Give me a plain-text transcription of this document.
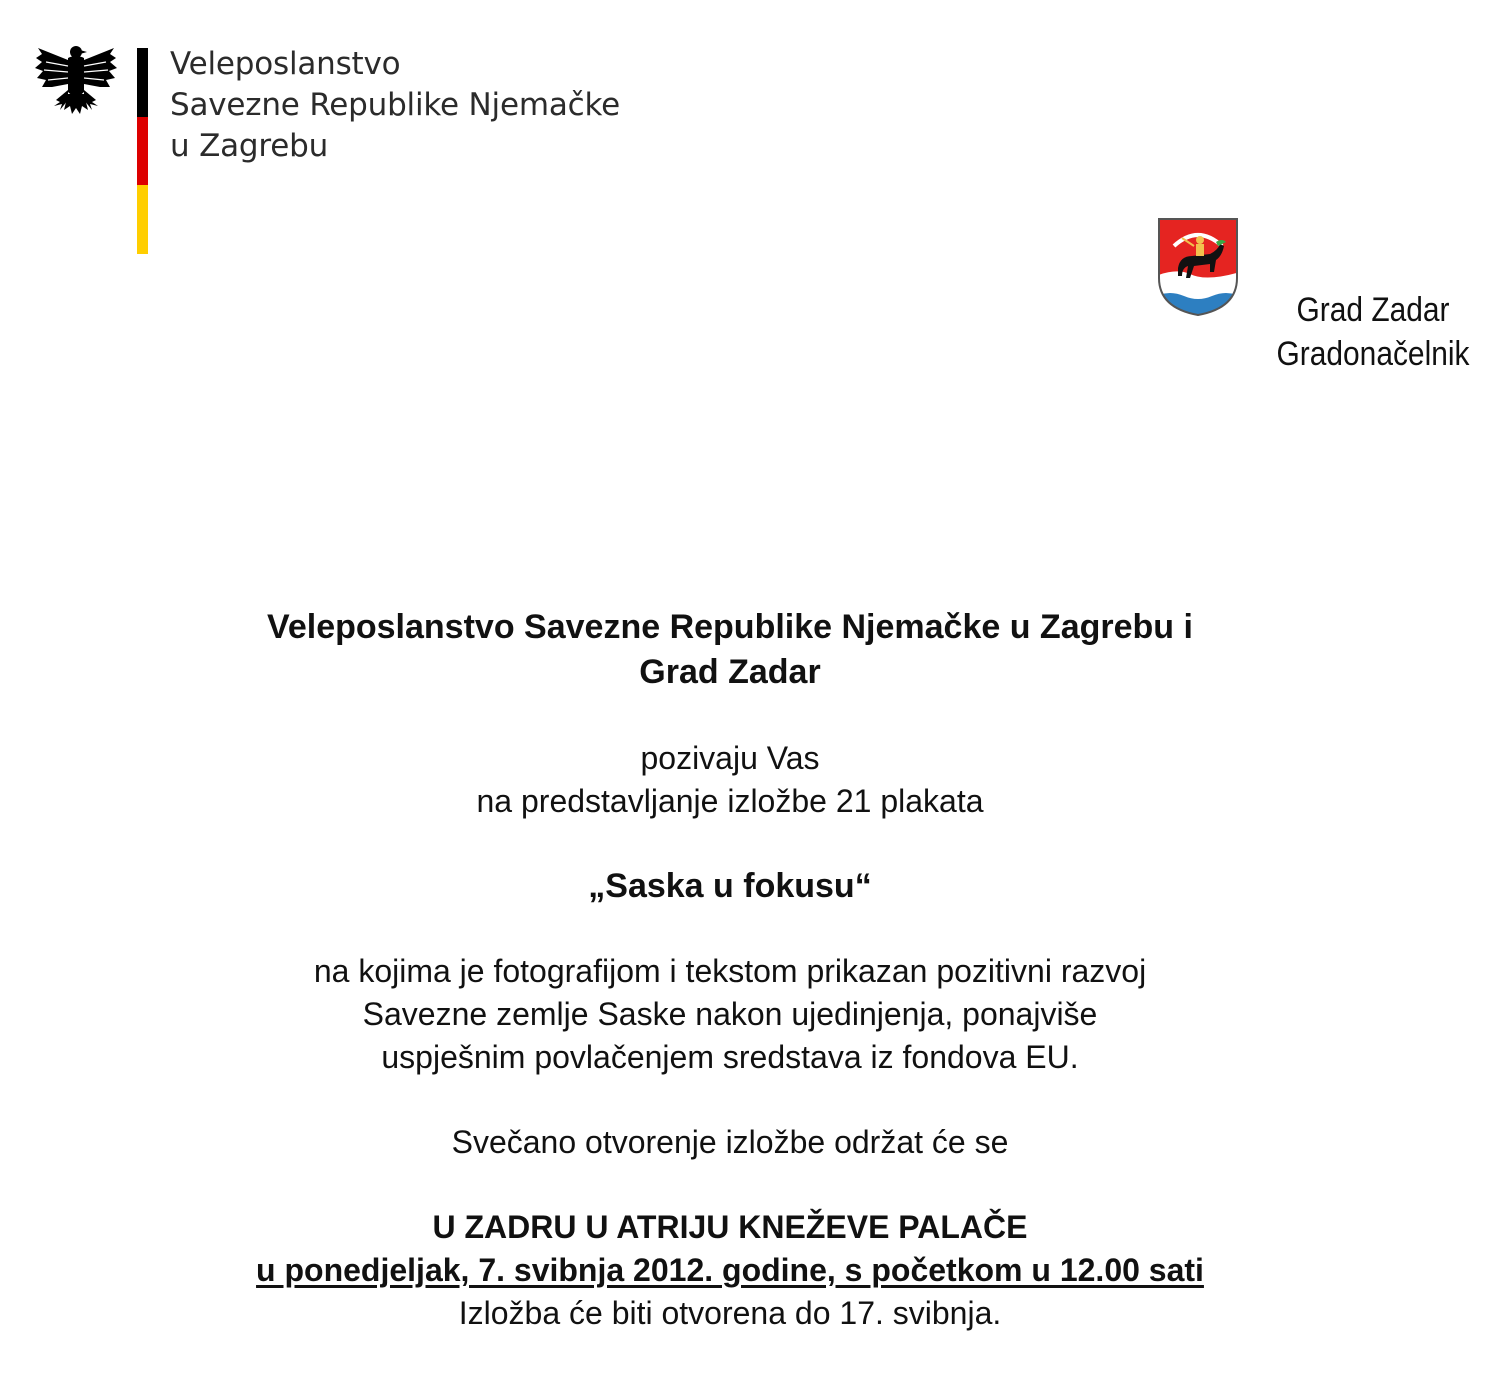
Veleposlanstvo
Savezne Republike Njemačke
u Zagrebu
Grad Zadar
Gradonačelnik
Veleposlanstvo Savezne Republike Njemačke u Zagrebu i
Grad Zadar
pozivaju Vas
na predstavljanje izložbe 21 plakata
„Saska u fokusu“
na kojima je fotografijom i tekstom prikazan pozitivni razvoj
Savezne zemlje Saske nakon ujedinjenja, ponajviše
uspješnim povlačenjem sredstava iz fondova EU.
Svečano otvorenje izložbe održat će se
U ZADRU U ATRIJU KNEŽEVE PALAČE
u ponedjeljak, 7. svibnja 2012. godine, s početkom u 12.00 sati
Izložba će biti otvorena do 17. svibnja.
